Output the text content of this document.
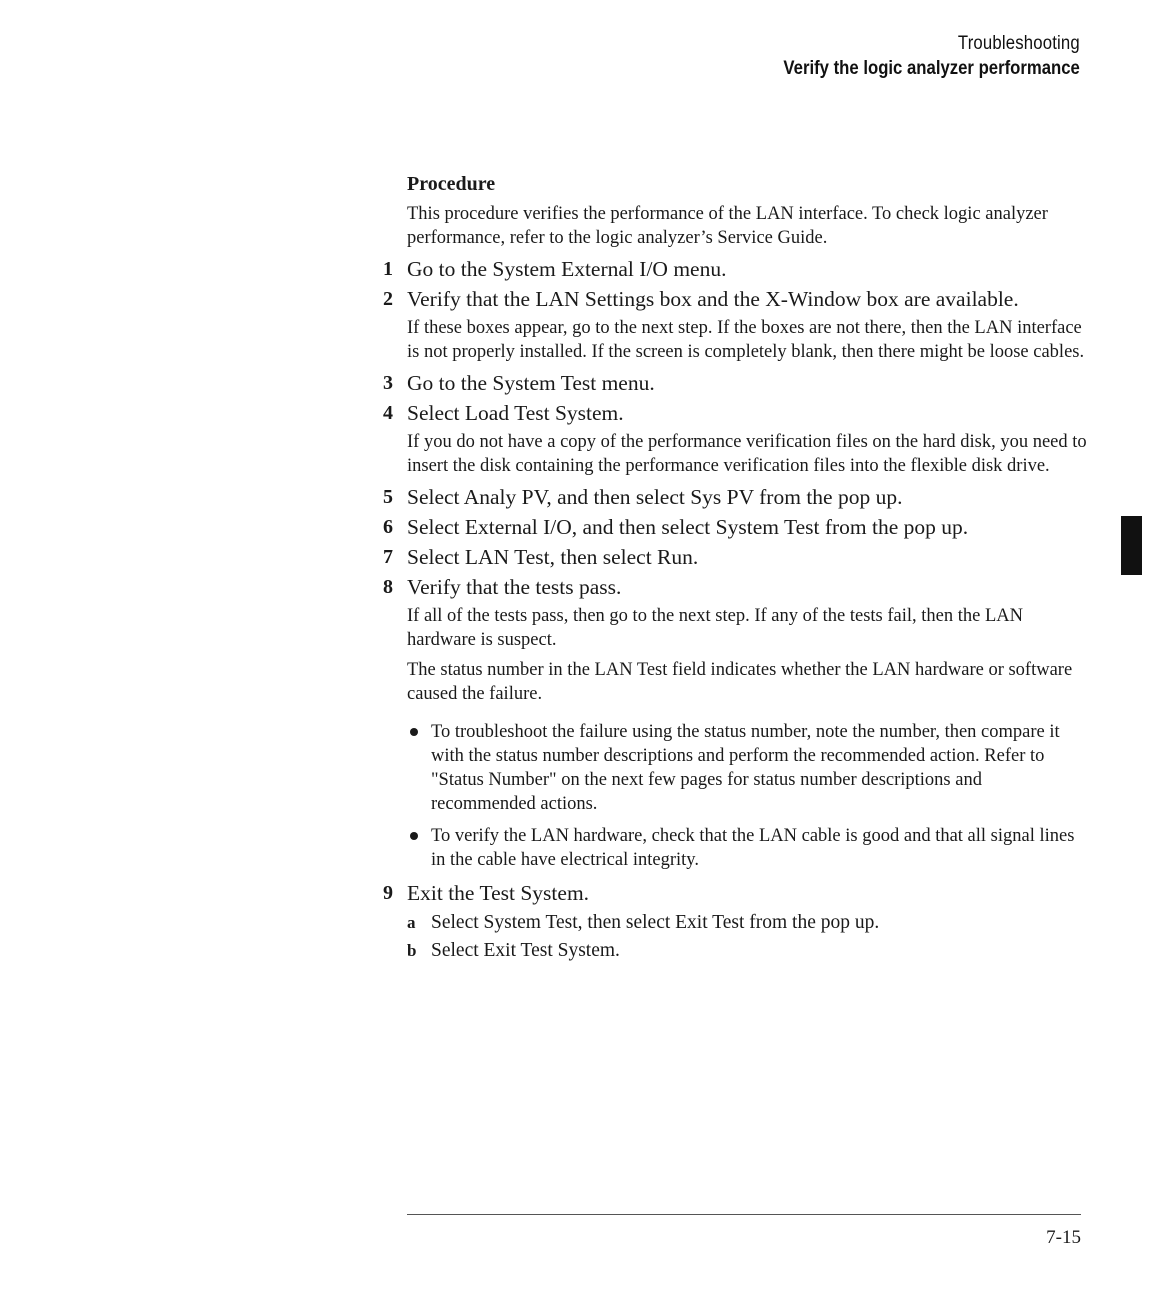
Troubleshooting
Verify the logic analyzer performance
Procedure

This procedure verifies the performance of the LAN interface. To check logic analyzer performance, refer to the logic analyzer’s Service Guide.

1 Go to the System External I/O menu.
2 Verify that the LAN Settings box and the X-Window box are available.

If these boxes appear, go to the next step. If the boxes are not there, then the LAN interface is not properly installed. If the screen is completely blank, then there might be loose cables.

3 Go to the System Test menu.
4 Select Load Test System.

If you do not have a copy of the performance verification files on the hard disk, you need to insert the disk containing the performance verification files into the flexible disk drive.

5 Select Analy PV, and then select Sys PV from the pop up.
6 Select External I/O, and then select System Test from the pop up.
7 Select LAN Test, then select Run.
8 Verify that the tests pass.

If all of the tests pass, then go to the next step. If any of the tests fail, then the LAN hardware is suspect.

The status number in the LAN Test field indicates whether the LAN hardware or software caused the failure.

To troubleshoot the failure using the status number, note the number, then compare it with the status number descriptions and perform the recommended action. Refer to "Status Number" on the next few pages for status number descriptions and recommended actions.
To verify the LAN hardware, check that the LAN cable is good and that all signal lines in the cable have electrical integrity.
9 Exit the Test System.
a Select System Test, then select Exit Test from the pop up.
b Select Exit Test System.
7-15
